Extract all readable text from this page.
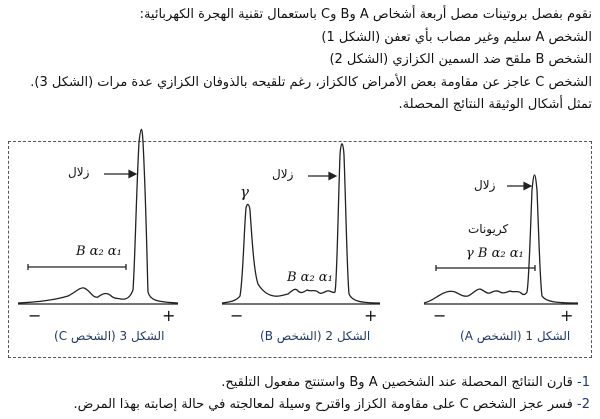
نقوم بفصل بروتينات مصل أربعة أشخاص A وB وC باستعمال تقنية الهجرة الكهربائية:

الشخص A سليم وغير مصاب بأي تعفن (الشكل 1)

الشخص B ملقح ضد السمين الكزازي (الشكل 2)

الشخص C عاجز عن مقاومة بعض الأمراض كالكزاز، رغم تلقيحه بالذوفان الكزازي عدة مرات (الشكل 3).

تمثل أشكال الوثيقة النتائج المحصلة.

زلال
B α₂ α₁
−	+
الشكل 3 (الشخص C)
γ
زلال
B α₂ α₁
−	+
الشكل 2 (الشخص B)
زلال
كريونات
γ B α₂ α₁
−	+
الشكل 1 (الشخص A)

1- قارن النتائج المحصلة عند الشخصين A وB واستنتج مفعول التلقيح.

2- فسر عجز الشخص C على مقاومة الكزاز واقترح وسيلة لمعالجته في حالة إصابته بهذا المرض.
